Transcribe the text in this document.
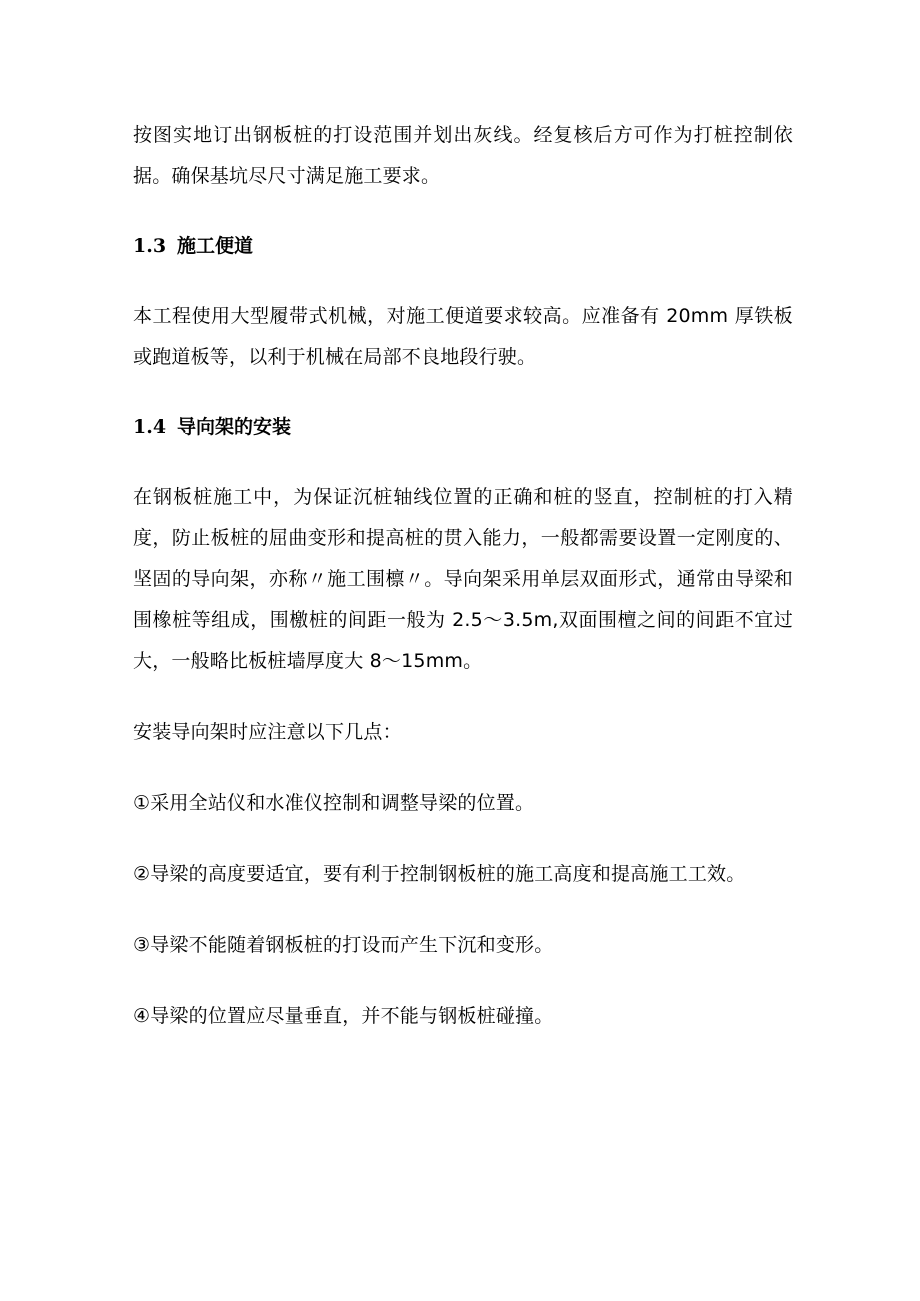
按图实地订出钢板桩的打设范围并划出灰线。经复核后方可作为打桩控制依据。确保基坑尽尺寸满足施工要求。

1.3 施工便道

本工程使用大型履带式机械，对施工便道要求较高。应准备有 20mm 厚铁板或跑道板等，以利于机械在局部不良地段行驶。

1.4 导向架的安装

在钢板桩施工中，为保证沉桩轴线位置的正确和桩的竖直，控制桩的打入精度，防止板桩的屈曲变形和提高桩的贯入能力，一般都需要设置一定刚度的、坚固的导向架，亦称〃施工围檩〃。导向架采用单层双面形式，通常由导梁和围橡桩等组成，围檄桩的间距一般为 2.5～3.5m,双面围檀之间的间距不宜过大，一般略比板桩墙厚度大 8～15mm。

安装导向架时应注意以下几点：

①采用全站仪和水准仪控制和调整导梁的位置。

②导梁的高度要适宜，要有利于控制钢板桩的施工高度和提高施工工效。

③导梁不能随着钢板桩的打设而产生下沉和变形。

④导梁的位置应尽量垂直，并不能与钢板桩碰撞。
